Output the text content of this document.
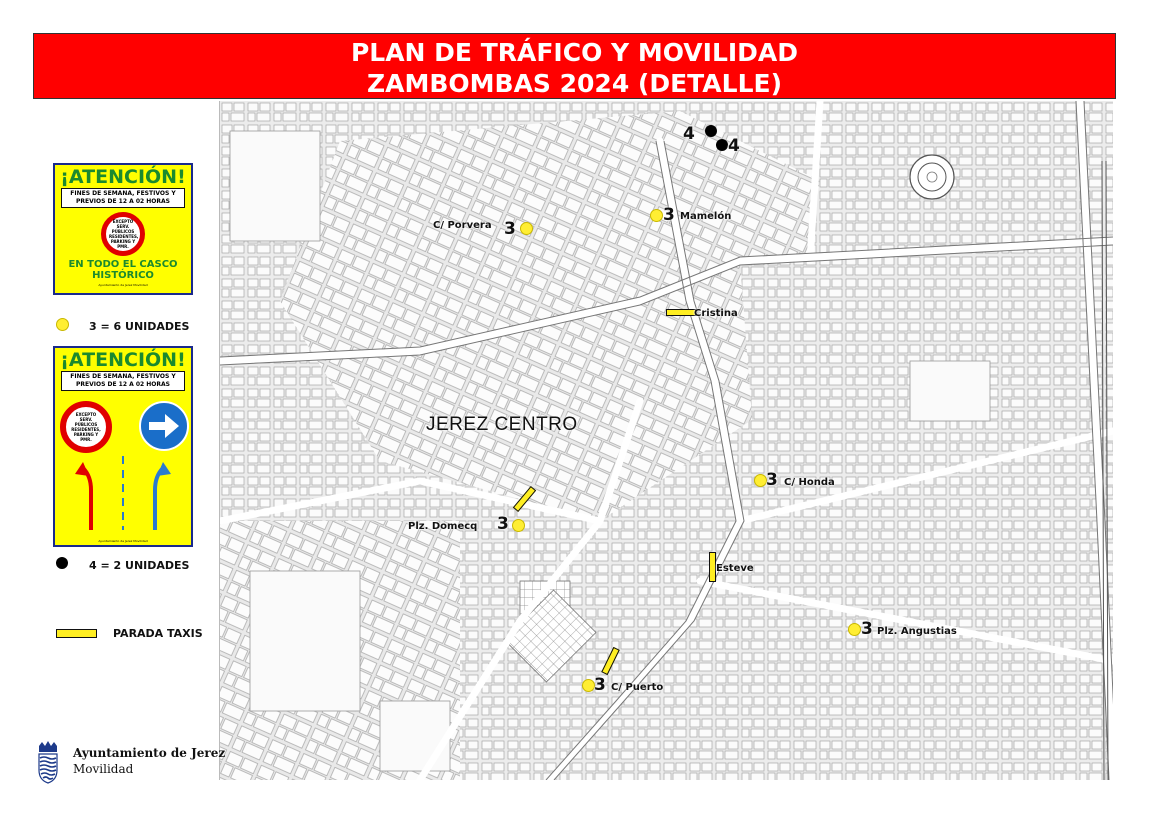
PLAN DE TRÁFICO Y MOVILIDAD
ZAMBOMBAS 2024 (DETALLE)
¡ATENCIÓN!
FINES DE SEMANA, FESTIVOS Y PREVIOS DE 12 A 02 HORAS
EXCEPTO SERV. PÚBLICOS RESIDENTES, PARKING Y PMR.
EN TODO EL CASCO HISTÓRICO
Ayuntamiento de Jerez Movilidad
3 = 6 UNIDADES
¡ATENCIÓN!
FINES DE SEMANA, FESTIVOS Y PREVIOS DE 12 A 02 HORAS
EXCEPTO SERV. PÚBLICOS RESIDENTES, PARKING Y PMR.
Ayuntamiento de Jerez Movilidad
4 = 2 UNIDADES
PARADA TAXIS
JEREZ CENTRO
4
4
C/ Porvera 3
3 Mamelón
3 C/ Honda
Plz. Domecq 3
3 Plz. Angustias
3 C/ Puerto
Cristina
Esteve
Ayuntamiento de Jerez
Movilidad
